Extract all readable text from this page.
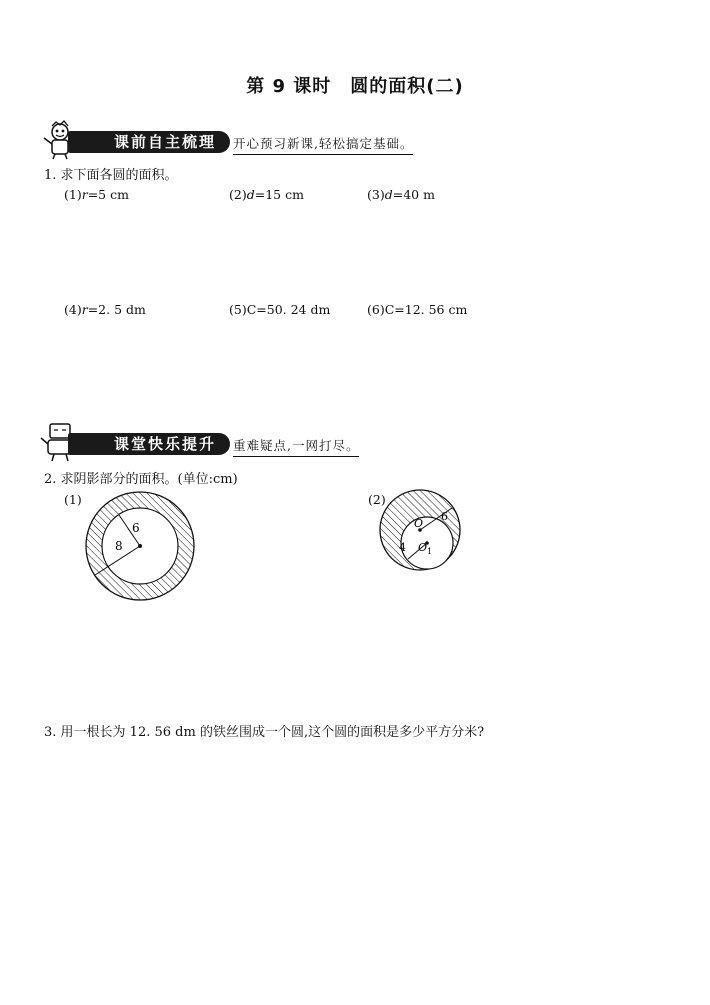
第 9 课时　圆的面积(二)
课前自主梳理	开心预习新课,轻松搞定基础。
1. 求下面各圆的面积。
(1)r=5 cm	(2)d=15 cm	(3)d=40 m
(4)r=2. 5 dm	(5)C=50. 24 dm	(6)C=12. 56 cm
课堂快乐提升	重难疑点,一网打尽。
2. 求阴影部分的面积。(单位:cm)
(1)	(2)
6
8
6
4
O
O 1
3. 用一根长为 12. 56 dm 的铁丝围成一个圆,这个圆的面积是多少平方分米?
